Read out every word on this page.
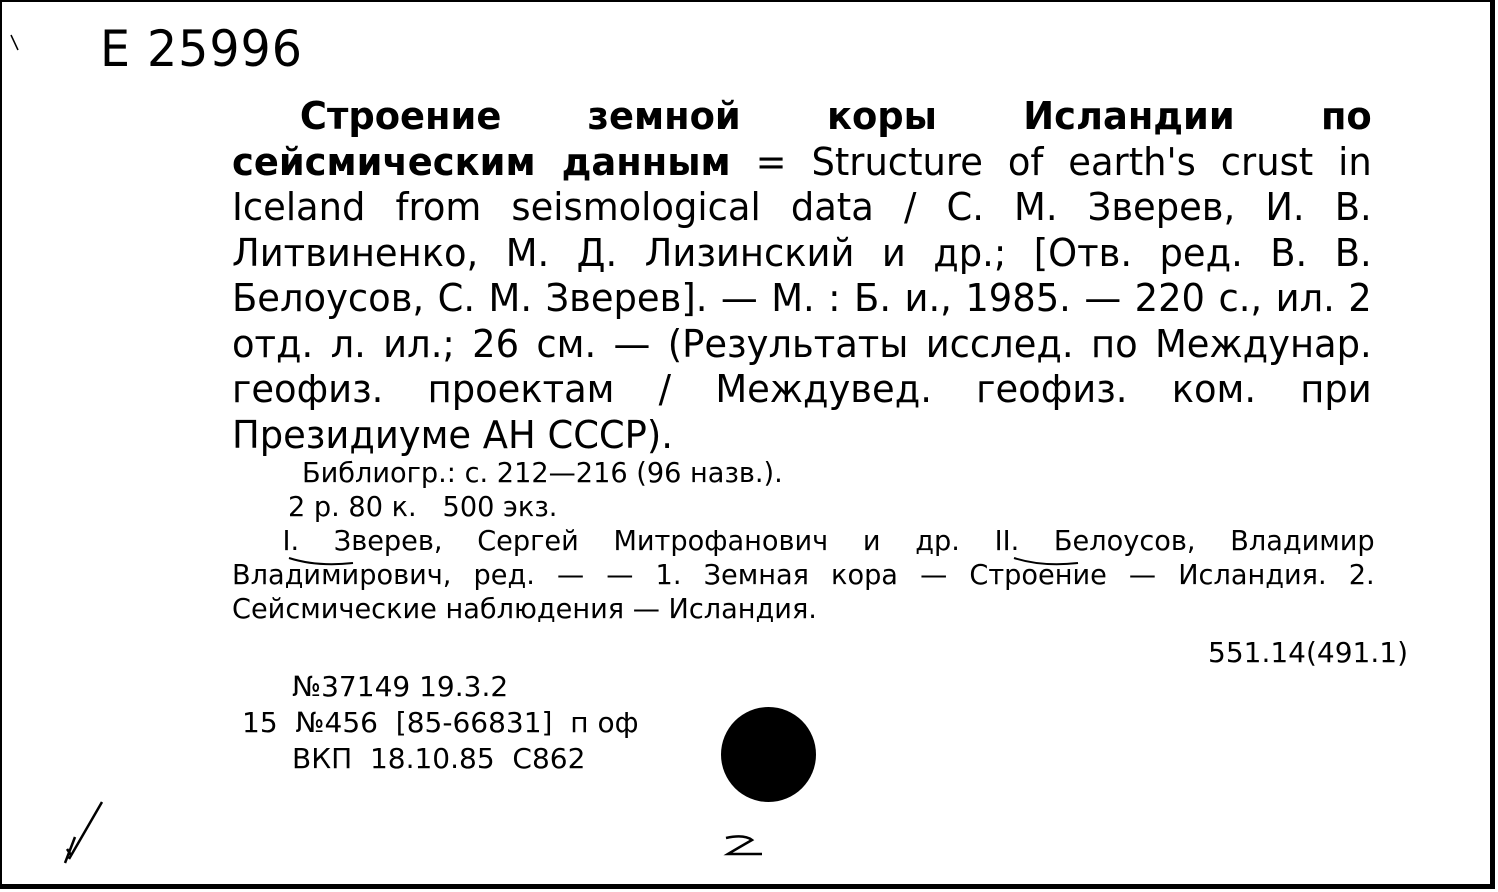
Е 25996
Строение земной коры Исландии по сейсмическим данным = Structure of earth's crust in Iceland from seismological data / С. М. Зверев, И. В. Литвиненко, М. Д. Лизинский и др.; [Отв. ред. В. В. Белоусов, С. М. Зверев]. — М. : Б. и., 1985. — 220 с., ил. 2 отд. л. ил.; 26 см. — (Результаты исслед. по Междунар. геофиз. проектам / Междувед. геофиз. ком. при Президиуме АН СССР).
Библиогр.: с. 212—216 (96 назв.).
2 р. 80 к.   500 экз.
I. Зверев, Сергей Митрофанович и др. II. Белоусов, Владимир Владимирович, ред. — — 1. Земная кора — Строение — Исландия. 2. Сейсмические наблюдения — Исландия.
551.14(491.1)
№37149 19.3.2
15  №456  [85-66831]  п оф
ВКП  18.10.85  С862
